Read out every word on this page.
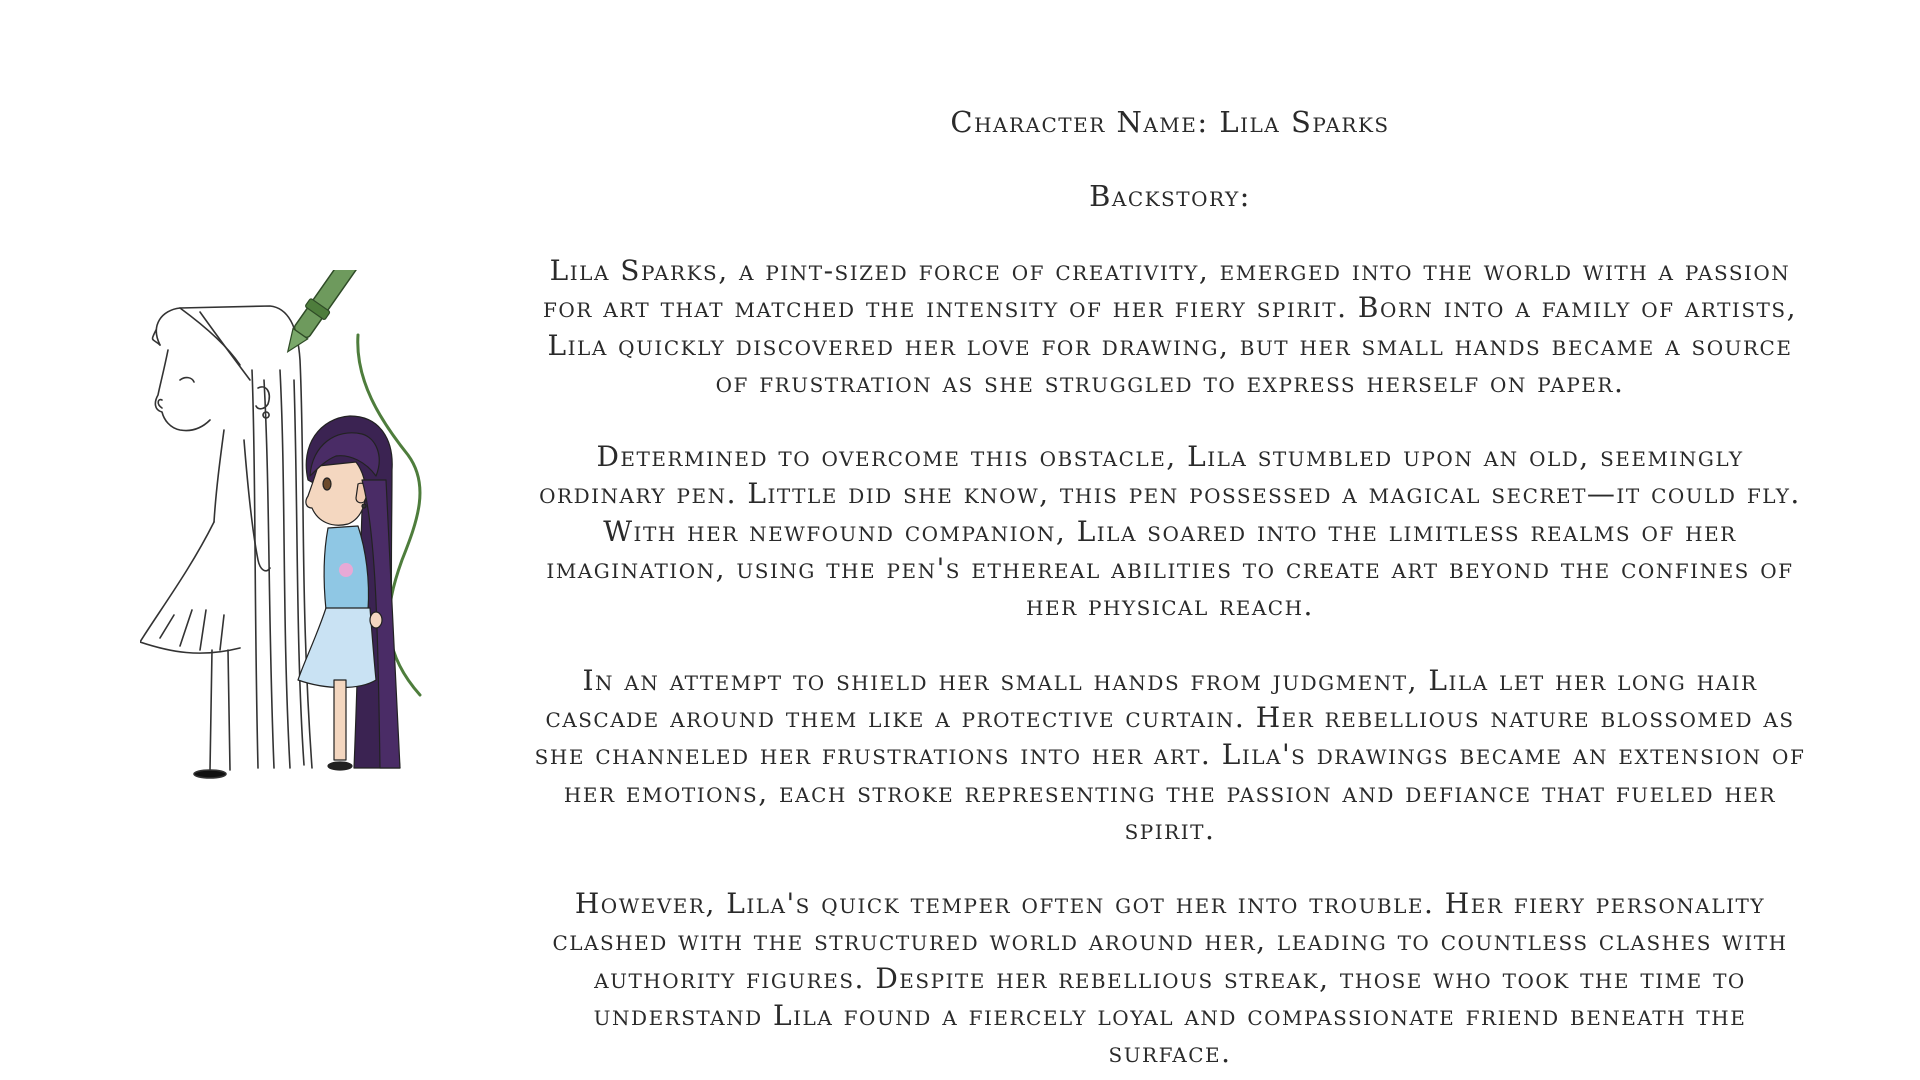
Character Name: Lila Sparks

Backstory:

Lila Sparks, a pint-sized force of creativity, emerged into the world with a passion for art that matched the intensity of her fiery spirit. Born into a family of artists, Lila quickly discovered her love for drawing, but her small hands became a source of frustration as she struggled to express herself on paper.

Determined to overcome this obstacle, Lila stumbled upon an old, seemingly ordinary pen. Little did she know, this pen possessed a magical secret—it could fly. With her newfound companion, Lila soared into the limitless realms of her imagination, using the pen's ethereal abilities to create art beyond the confines of her physical reach.

In an attempt to shield her small hands from judgment, Lila let her long hair cascade around them like a protective curtain. Her rebellious nature blossomed as she channeled her frustrations into her art. Lila's drawings became an extension of her emotions, each stroke representing the passion and defiance that fueled her spirit.

However, Lila's quick temper often got her into trouble. Her fiery personality clashed with the structured world around her, leading to countless clashes with authority figures. Despite her rebellious streak, those who took the time to understand Lila found a fiercely loyal and compassionate friend beneath the surface.
